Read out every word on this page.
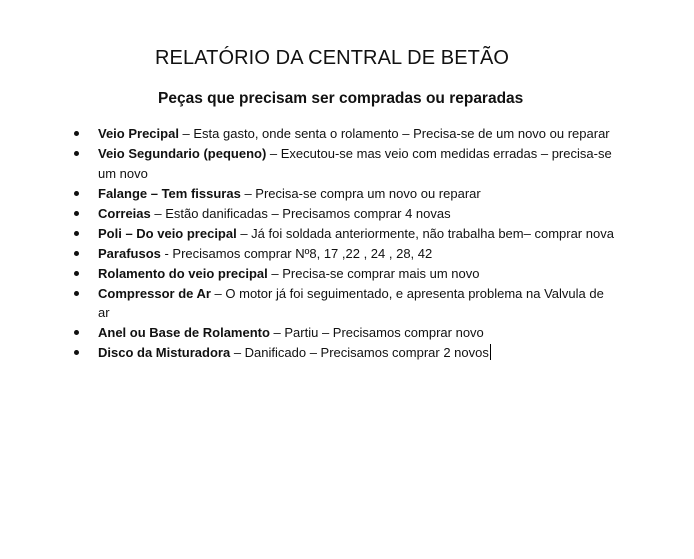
RELATÓRIO DA CENTRAL DE BETÃO
Peças que precisam ser compradas ou reparadas
Veio Precipal – Esta gasto, onde senta o rolamento – Precisa-se de um novo ou reparar
Veio Segundario (pequeno) – Executou-se mas veio com medidas erradas – precisa-se um novo
Falange – Tem fissuras – Precisa-se compra um novo ou reparar
Correias – Estão danificadas – Precisamos comprar 4 novas
Poli – Do veio precipal – Já foi soldada anteriormente, não trabalha bem– comprar nova
Parafusos - Precisamos comprar Nº8, 17 ,22 , 24 , 28, 42
Rolamento do veio precipal – Precisa-se comprar mais um novo
Compressor de Ar – O motor já foi seguimentado, e apresenta problema na Valvula de ar
Anel ou Base de Rolamento – Partiu – Precisamos comprar novo
Disco da Misturadora – Danificado – Precisamos comprar 2 novos
